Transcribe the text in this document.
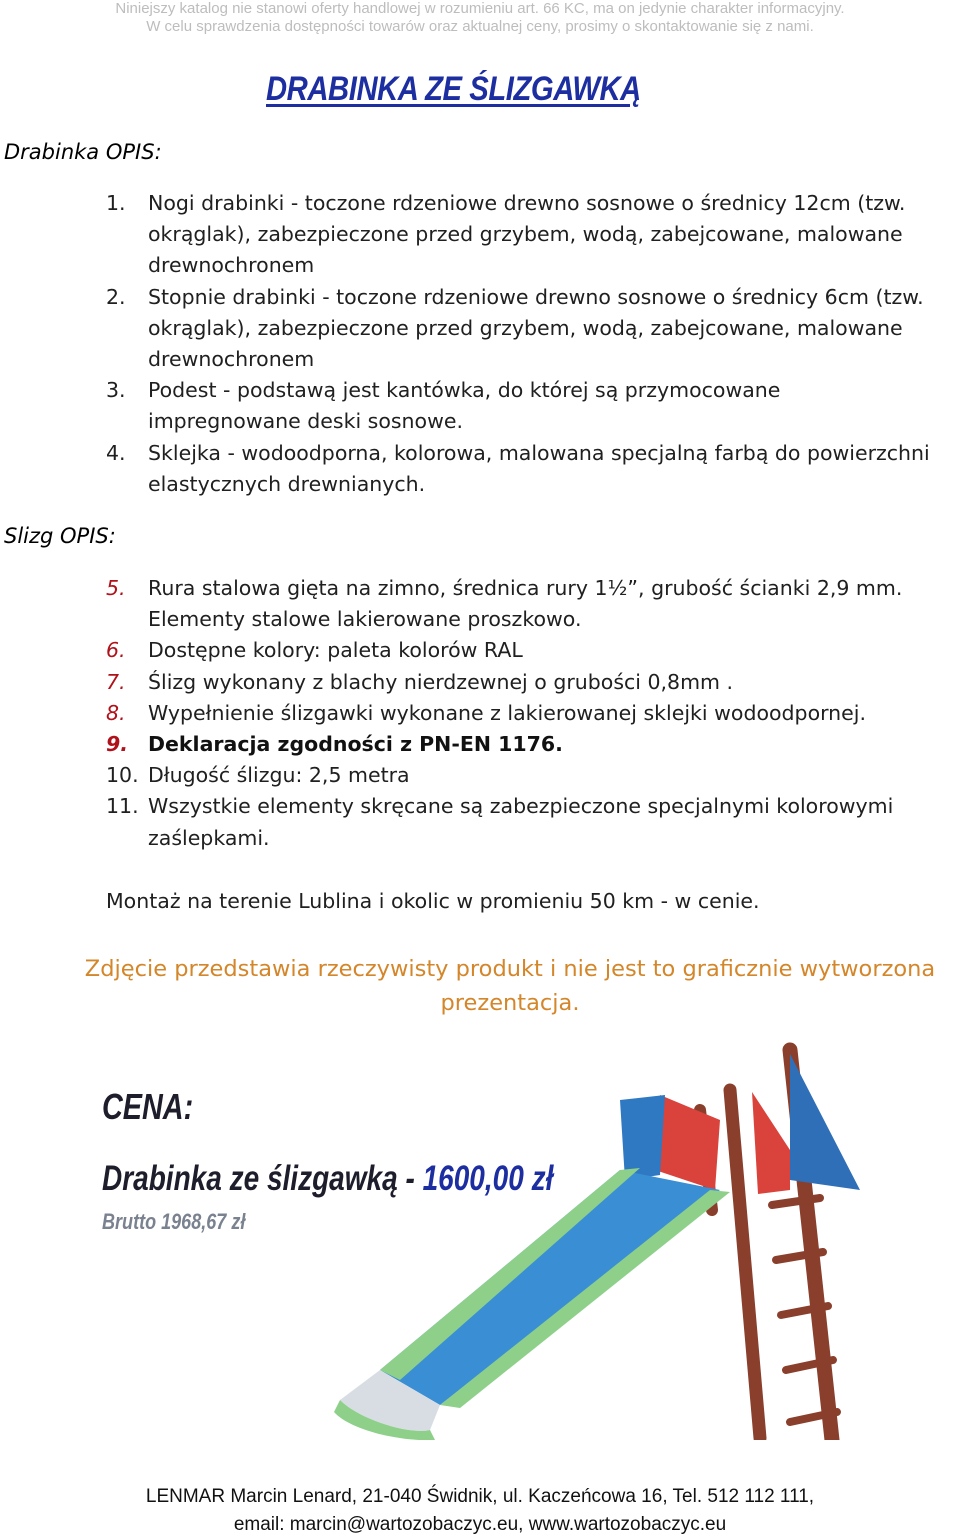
Niniejszy katalog nie stanowi oferty handlowej w rozumieniu art. 66 KC, ma on jedynie charakter informacyjny.
W celu sprawdzenia dostępności towarów oraz aktualnej ceny, prosimy o skontaktowanie się z nami.
DRABINKA ZE ŚLIZGAWKĄ

Drabinka OPIS:

1. Nogi drabinki - toczone rdzeniowe drewno sosnowe o średnicy 12cm (tzw. okrąglak), zabezpieczone przed grzybem, wodą, zabejcowane, malowane drewnochronem
2. Stopnie drabinki - toczone rdzeniowe drewno sosnowe o średnicy 6cm (tzw. okrąglak), zabezpieczone przed grzybem, wodą, zabejcowane, malowane drewnochronem
3. Podest - podstawą jest kantówka, do której są przymocowane impregnowane deski sosnowe.
4. Sklejka - wodoodporna, kolorowa, malowana specjalną farbą do powierzchni elastycznych drewnianych.

Slizg OPIS:

5. Rura stalowa gięta na zimno, średnica rury 1½”, grubość ścianki 2,9 mm. Elementy stalowe lakierowane proszkowo.
6. Dostępne kolory: paleta kolorów RAL
7. Ślizg wykonany z blachy nierdzewnej o grubości 0,8mm .
8. Wypełnienie ślizgawki wykonane z lakierowanej sklejki wodoodpornej.
9. Deklaracja zgodności z PN-EN 1176.
10. Długość ślizgu: 2,5 metra
11. Wszystkie elementy skręcane są zabezpieczone specjalnymi kolorowymi zaślepkami.

Montaż na terenie Lublina i okolic w promieniu 50 km - w cenie.

Zdjęcie przedstawia rzeczywisty produkt i nie jest to graficznie wytworzona prezentacja.

CENA:

Drabinka ze ślizgawką - 1600,00 zł

Brutto 1968,67 zł

LENMAR Marcin Lenard, 21-040 Świdnik, ul. Kaczeńcowa 16, Tel. 512 112 111,

email: marcin@wartozobaczyc.eu, www.wartozobaczyc.eu
